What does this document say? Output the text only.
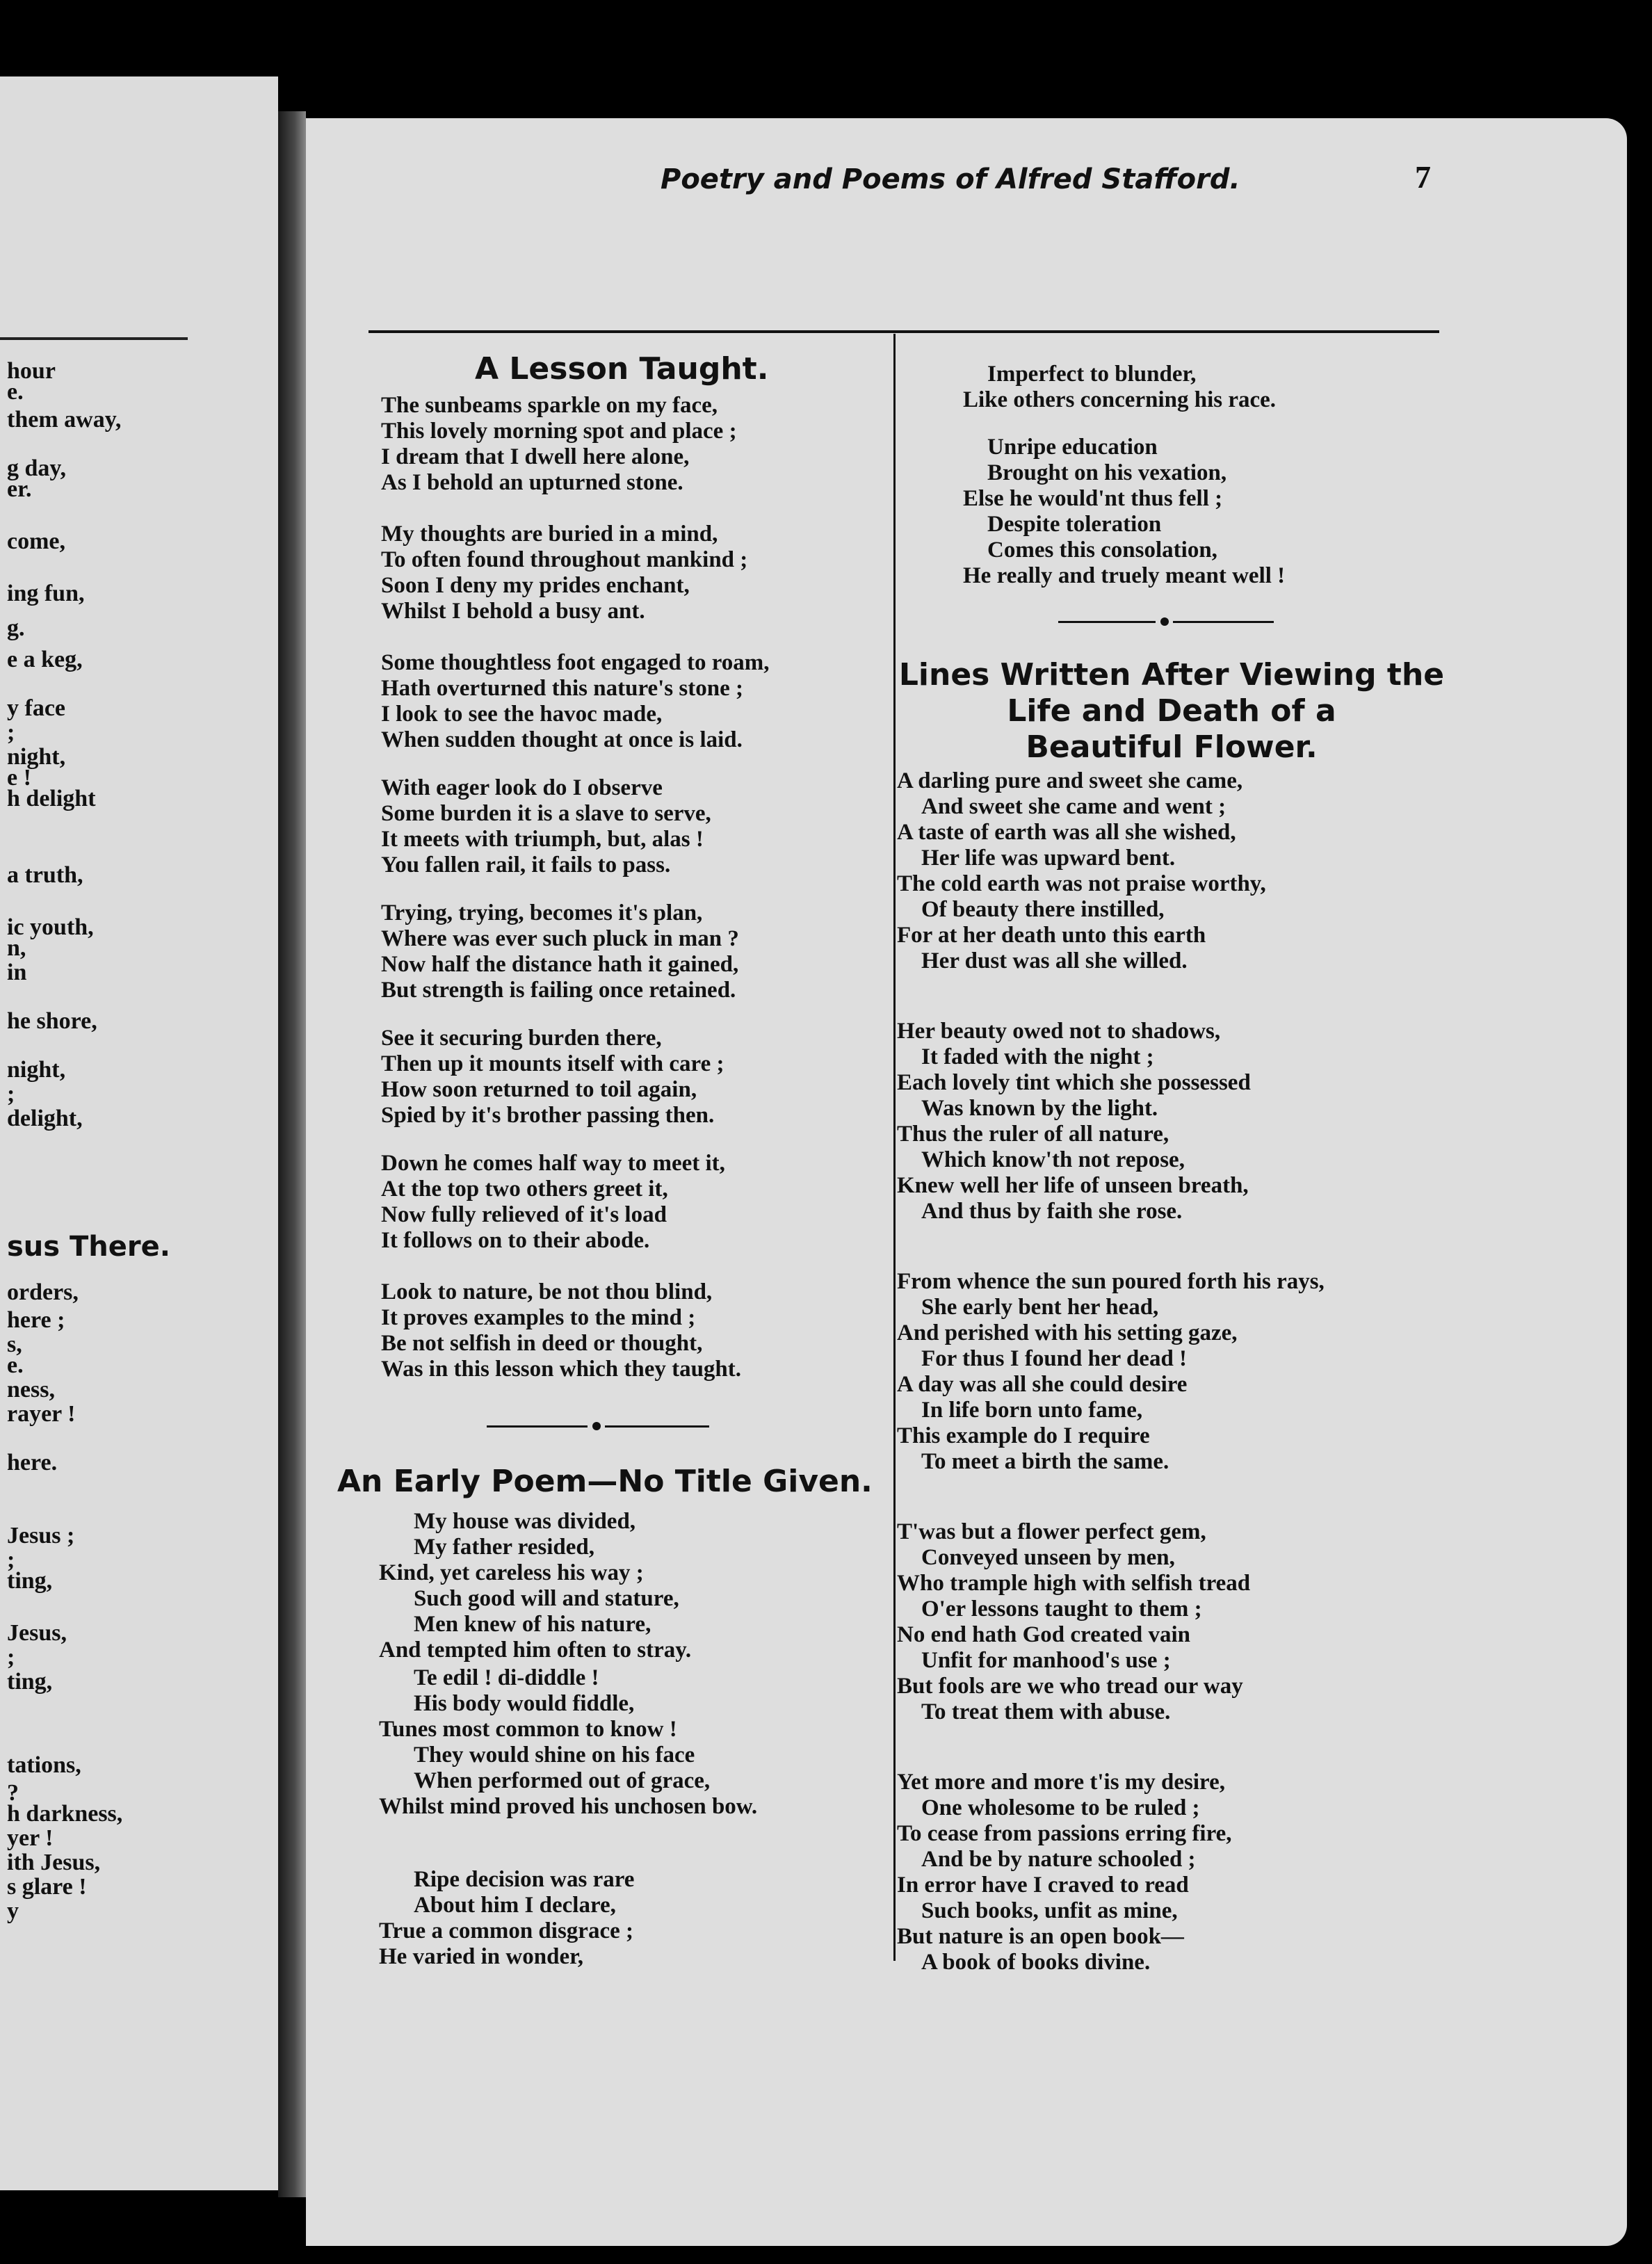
hour
e.
them away,
g day,
er.
come,
ing fun,
g.
e a keg,
y face
;
night,
e !
h delight
a truth,
ic youth,
n,
in
he shore,
night,
;
delight,
sus There.
orders,
here ;
s,
e.
ness,
rayer !
here.
Jesus ;
;
ting,
Jesus,
;
ting,
tations,
?
h darkness,
yer !
ith Jesus,
s glare !
y
Poetry and Poems of Alfred Stafford.	7
A Lesson Taught.
The sunbeams sparkle on my face,
This lovely morning spot and place ;
I dream that I dwell here alone,
As I behold an upturned stone.
My thoughts are buried in a mind,
To often found throughout mankind ;
Soon I deny my prides enchant,
Whilst I behold a busy ant.
Some thoughtless foot engaged to roam,
Hath overturned this nature's stone ;
I look to see the havoc made,
When sudden thought at once is laid.
With eager look do I observe
Some burden it is a slave to serve,
It meets with triumph, but, alas !
You fallen rail, it fails to pass.
Trying, trying, becomes it's plan,
Where was ever such pluck in man ?
Now half the distance hath it gained,
But strength is failing once retained.
See it securing burden there,
Then up it mounts itself with care ;
How soon returned to toil again,
Spied by it's brother passing then.
Down he comes half way to meet it,
At the top two others greet it,
Now fully relieved of it's load
It follows on to their abode.
Look to nature, be not thou blind,
It proves examples to the mind ;
Be not selfish in deed or thought,
Was in this lesson which they taught.
An Early Poem—No Title Given.
My house was divided,
My father resided,
Kind, yet careless his way ;
Such good will and stature,
Men knew of his nature,
And tempted him often to stray.
Te edil ! di-diddle !
His body would fiddle,
Tunes most common to know !
They would shine on his face
When performed out of grace,
Whilst mind proved his unchosen bow.
Ripe decision was rare
About him I declare,
True a common disgrace ;
He varied in wonder,
Imperfect to blunder,
Like others concerning his race.
Unripe education
Brought on his vexation,
Else he would'nt thus fell ;
Despite toleration
Comes this consolation,
He really and truely meant well !
Lines Written After Viewing the
Life and Death of a
Beautiful Flower.
A darling pure and sweet she came,
And sweet she came and went ;
A taste of earth was all she wished,
Her life was upward bent.
The cold earth was not praise worthy,
Of beauty there instilled,
For at her death unto this earth
Her dust was all she willed.
Her beauty owed not to shadows,
It faded with the night ;
Each lovely tint which she possessed
Was known by the light.
Thus the ruler of all nature,
Which know'th not repose,
Knew well her life of unseen breath,
And thus by faith she rose.
From whence the sun poured forth his rays,
She early bent her head,
And perished with his setting gaze,
For thus I found her dead !
A day was all she could desire
In life born unto fame,
This example do I require
To meet a birth the same.
T'was but a flower perfect gem,
Conveyed unseen by men,
Who trample high with selfish tread
O'er lessons taught to them ;
No end hath God created vain
Unfit for manhood's use ;
But fools are we who tread our way
To treat them with abuse.
Yet more and more t'is my desire,
One wholesome to be ruled ;
To cease from passions erring fire,
And be by nature schooled ;
In error have I craved to read
Such books, unfit as mine,
But nature is an open book—
A book of books divine.
